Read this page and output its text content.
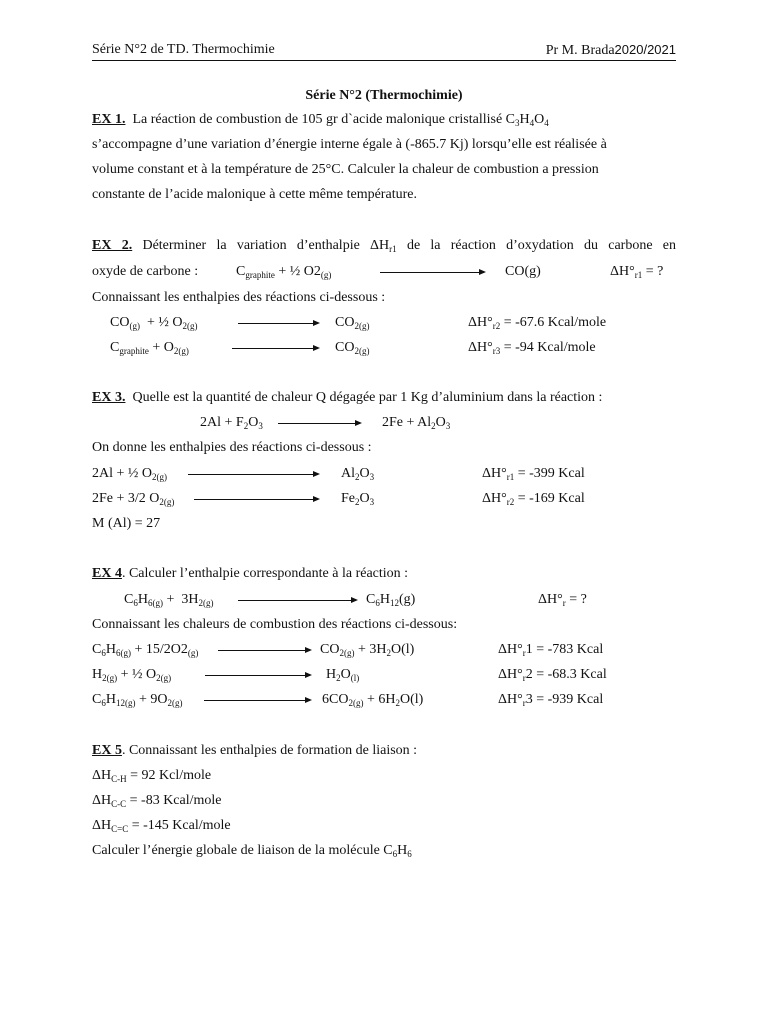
Série N°2 de TD. Thermochimie	Pr M. Brada2020/2021
Série N°2 (Thermochimie)
EX 1. La réaction de combustion de 105 gr d`acide malonique cristallisé $C_3H_4O_4$
s’accompagne d’une variation d’énergie interne égale à (-865.7 Kj) lorsqu’elle est réalisée à
volume constant et à la température de 25°C. Calculer la chaleur de combustion a pression
constante de l’acide malonique à cette même température.
EX 2. Déterminer la variation d’enthalpie $\Delta H_{r1}$ de la réaction d’oxydation du carbone en
oxyde de carbone :	$C_{graphite}$ + ½ $O2_{(g)}$	CO(g)	$\Delta H^\circ_{r1}$ = ?
Connaissant les enthalpies des réactions ci-dessous :
$CO_{(g)}$  + ½ $O_{2(g)}$	$CO_{2(g)}$	$\Delta H^\circ_{r2} = -67.6$ Kcal/mole
$C_{graphite} + O_{2(g)}$	$CO_{2(g)}$	$\Delta H^\circ_{r3} = -94$ Kcal/mole
EX 3. Quelle est la quantité de chaleur Q dégagée par 1 Kg d’aluminium dans la réaction :
$2Al + F_2O_3$	$2Fe + Al_2O_3$
On donne les enthalpies des réactions ci-dessous :
2Al + ½ $O_{2(g)}$	$Al_2O_3$	$\Delta H^\circ_{r1} = -399$ Kcal
2Fe + 3/2 $O_{2(g)}$	$Fe_2O_3$	$\Delta H^\circ_{r2} = -169$ Kcal
M (Al) = 27
EX 4. Calculer l’enthalpie correspondante à la réaction :
$C_6H_{6(g)} + 3H_{2(g)}$	$C_6H_{12}(g)$	$\Delta H^\circ_r$ = ?
Connaissant les chaleurs de combustion des réactions ci-dessous:
$C_6H_{6(g)} + 15/2O2_{(g)}$	$CO_{2(g)} + 3H_2O(l)$	$\Delta H^\circ_r1 = -783$ Kcal
$H_{2(g)}$ + ½ $O_{2(g)}$	$H_2O_{(l)}$	$\Delta H^\circ_r2 = -68.3$ Kcal
$C_6H_{12(g)} + 9O_{2(g)}$	$6CO_{2(g)} + 6H_2O(l)$	$\Delta H^\circ_r3 = -939$ Kcal
EX 5. Connaissant les enthalpies de formation de liaison :
$\Delta H_{C-H} = 92$ Kcl/mole
$\Delta H_{C-C} = -83$ Kcal/mole
$\Delta H_{C=C} = -145$ Kcal/mole
Calculer l’énergie globale de liaison de la molécule $C_6H_6$
